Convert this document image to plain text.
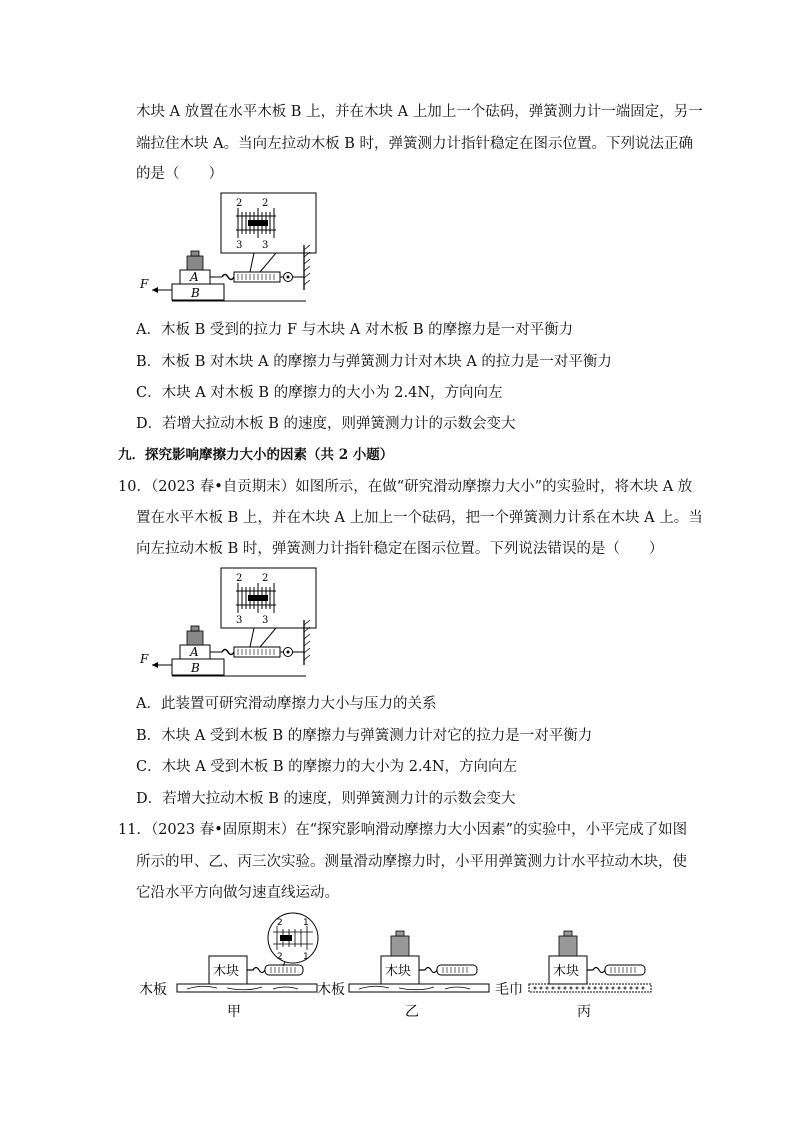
木块 A 放置在水平木板 B 上，并在木块 A 上加上一个砝码，弹簧测力计一端固定，另一
端拉住木块 A。当向左拉动木板 B 时，弹簧测力计指针稳定在图示位置。下列说法正确
的是（　　）
2 2
3 3
B
A
F
A．木板 B 受到的拉力 F 与木块 A 对木板 B 的摩擦力是一对平衡力
B．木板 B 对木块 A 的摩擦力与弹簧测力计对木块 A 的拉力是一对平衡力
C．木块 A 对木板 B 的摩擦力的大小为 2.4N，方向向左
D．若增大拉动木板 B 的速度，则弹簧测力计的示数会变大
九．探究影响摩擦力大小的因素（共 2 小题）
10．（2023 春•自贡期末）如图所示，在做“研究滑动摩擦力大小”的实验时，将木块 A 放
置在水平木板 B 上，并在木块 A 上加上一个砝码，把一个弹簧测力计系在木块 A 上。当
向左拉动木板 B 时，弹簧测力计指针稳定在图示位置。下列说法错误的是（　　）
2 2
3 3
B
A
F
A．此装置可研究滑动摩擦力大小与压力的关系
B．木块 A 受到木板 B 的摩擦力与弹簧测力计对它的拉力是一对平衡力
C．木块 A 受到木板 B 的摩擦力的大小为 2.4N，方向向左
D．若增大拉动木板 B 的速度，则弹簧测力计的示数会变大
11．（2023 春•固原期末）在“探究影响滑动摩擦力大小因素”的实验中，小平完成了如图
所示的甲、乙、丙三次实验。测量滑动摩擦力时，小平用弹簧测力计水平拉动木块，使
它沿水平方向做匀速直线运动。
木板
木块
2 1
2 1
甲
木板
木块
乙
毛巾
木块
丙
